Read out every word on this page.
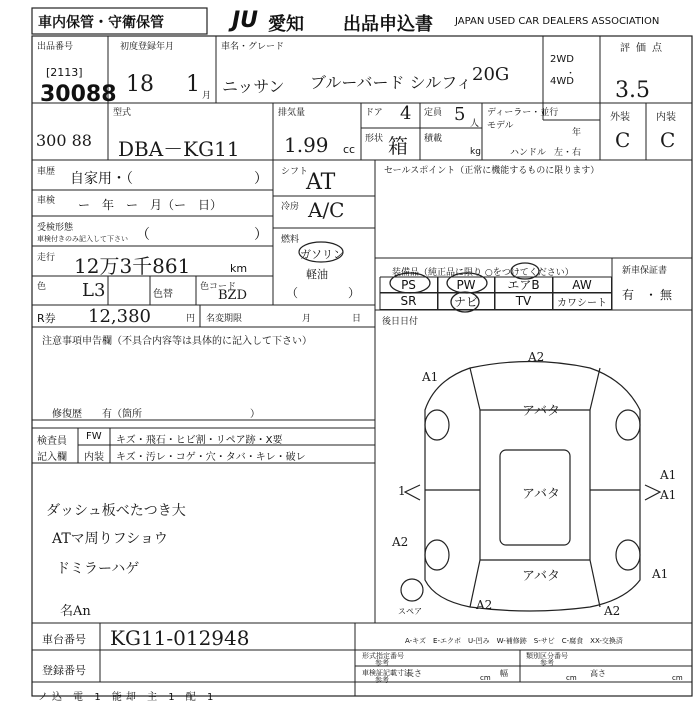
車内保管・守衛保管	JU 愛知 出品申込書 JAPAN USED CAR DEALERS ASSOCIATION
出品番号
[2113]
30088
300 88
初度登録年月
18 1 月
車名・グレード
ニッサン ブルーバード シルフィ 20G
2WD
・
4WD
評価点
3.5
外装	内装
C C
型式
DBA－KG11
排気量
1.99 cc
ドア 4 定員 5 人
形状 箱 積載
kg
ディーラー・並行
モデル
年
ハンドル 左・右
車歴 自家用・（	）
車検 ー　年　ー　月（ー　日）
受検形態
車検付きのみ記入して下さい （	）
走行 12万3千861	km
色 L3	色替
色コード
BZD
シフト
AT
冷房 A/C
燃料
ガソリン
軽油
（	）
セールスポイント（正常に機能するものに限ります）
装備品（純正品に限り ○をつけてください）
PS	PW	エアB	AW
SR	ナビ	TV	カワシート
新車保証書
有 ・ 無
後日日付
R券 12,380	円 名変期限	月	日
注意事項申告欄（不具合内容等は具体的に記入して下さい）
修復歴　　有（箇所	）
検査員
記入欄
FW キズ・飛石・ヒビ割・リペア跡・X要
内装 キズ・汚レ・コゲ・穴・タバ・キレ・破レ
ダッシュ板ベたつき大
ATマ周りフショウ
ドミラーハゲ
名An
A2
A1
アバタ
アバタ
アバタ
A1
1	A1
A2
A1
A2	A2
スペア
A-キズ　E-エクボ　U-凹み　W-補修跡　S-サビ　C-腐食　XX-交換済
車台番号 KG11-012948
登録番号
形式指定番号
参考
類別区分番号
参考
車検証記載寸法
参考
長さ	cm 幅	cm 高さ	cm
ノ込 電 1 能却 主 1 配 1
